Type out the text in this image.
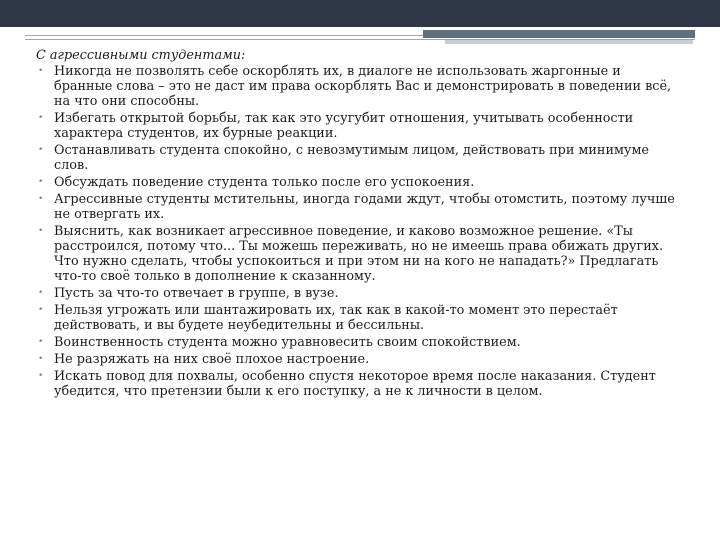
С агрессивными студентами:
• Никогда не позволять себе оскорблять их, в диалоге не использовать жаргонные и бранные слова – это не даст им права оскорблять Вас и демонстрировать в поведении всё, на что они способны.
• Избегать открытой борьбы, так как это усугубит отношения, учитывать особенности характера студентов, их бурные реакции.
• Останавливать студента спокойно, с невозмутимым лицом, действовать при минимуме слов.
• Обсуждать поведение студента только после его успокоения.
• Агрессивные студенты мстительны, иногда годами ждут, чтобы отомстить, поэтому лучше не отвергать их.
• Выяснить, как возникает агрессивное поведение, и каково возможное решение. «Ты расстроился, потому что... Ты можешь переживать, но не имеешь права обижать других. Что нужно сделать, чтобы успокоиться и при этом ни на кого не нападать?» Предлагать что-то своё только в дополнение к сказанному.
• Пусть за что-то отвечает в группе, в вузе.
• Нельзя угрожать или шантажировать их, так как в какой-то момент это перестаёт действовать, и вы будете неубедительны и бессильны.
• Воинственность студента можно уравновесить своим спокойствием.
• Не разряжать на них своё плохое настроение.
• Искать повод для похвалы, особенно спустя некоторое время после наказания. Студент убедится, что претензии были к его поступку, а не к личности в целом.
